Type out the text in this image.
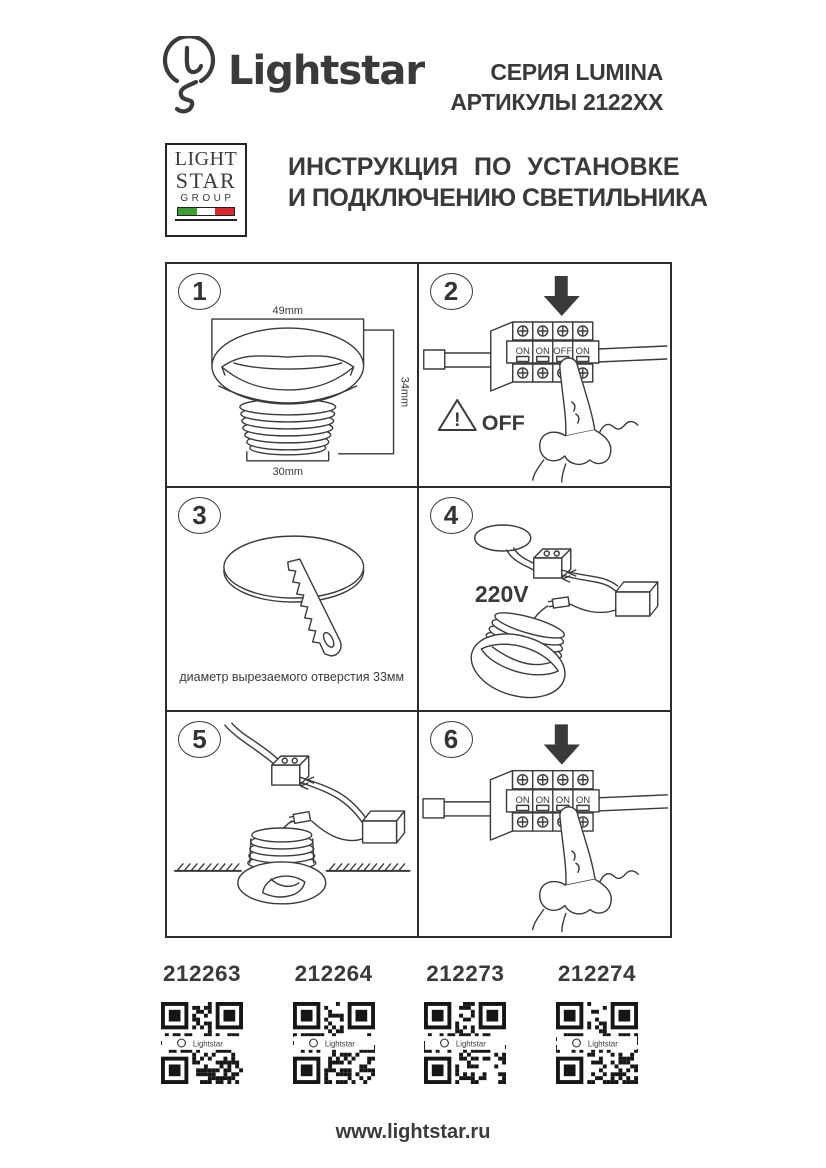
Lightstar	СЕРИЯ LUMINA
АРТИКУЛЫ 2122XX
LIGHT
STAR
GROUP
ИНСТРУКЦИЯ ПО УСТАНОВКЕ
И ПОДКЛЮЧЕНИЮ СВЕТИЛЬНИКА
49mm
34mm
30mm
1
ON ON OFF ON
! OFF
2
диаметр вырезаемого отверстия 33мм
3
220V
4
5
ON ON ON ON
6
212263
Lightstar
212264
Lightstar
212273
Lightstar
212274
Lightstar
www.lightstar.ru
